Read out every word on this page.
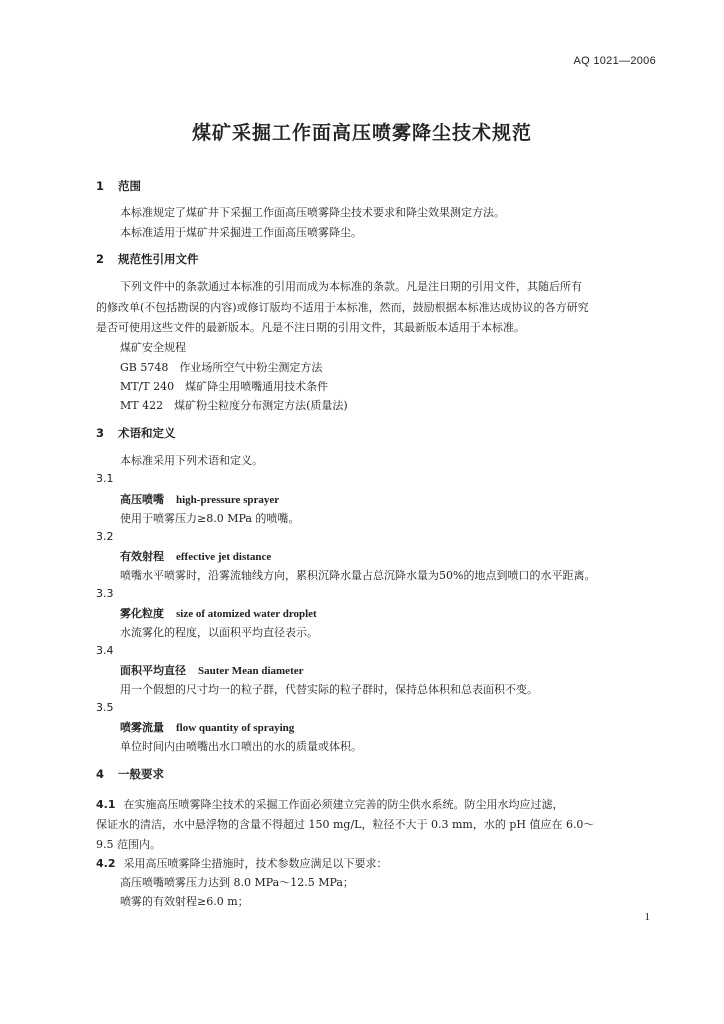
AQ 1021—2006
煤矿采掘工作面高压喷雾降尘技术规范
1 范围
本标准规定了煤矿井下采掘工作面高压喷雾降尘技术要求和降尘效果测定方法。
本标准适用于煤矿井采掘进工作面高压喷雾降尘。
2 规范性引用文件
下列文件中的条款通过本标准的引用而成为本标准的条款。凡是注日期的引用文件，其随后所有
的修改单(不包括勘误的内容)或修订版均不适用于本标准，然而，鼓励根据本标准达成协议的各方研究
是否可使用这些文件的最新版本。凡是不注日期的引用文件，其最新版本适用于本标准。
煤矿安全规程
GB 5748　作业场所空气中粉尘测定方法
MT/T 240　煤矿降尘用喷嘴通用技术条件
MT 422　煤矿粉尘粒度分布测定方法(质量法)
3 术语和定义
本标准采用下列术语和定义。
3.1
高压喷嘴 high-pressure sprayer
使用于喷雾压力≥8.0 MPa 的喷嘴。
3.2
有效射程 effective jet distance
喷嘴水平喷雾时，沿雾流轴线方向，累积沉降水量占总沉降水量为50%的地点到喷口的水平距离。
3.3
雾化粒度 size of atomized water droplet
水流雾化的程度，以面积平均直径表示。
3.4
面积平均直径 Sauter Mean diameter
用一个假想的尺寸均一的粒子群，代替实际的粒子群时，保持总体积和总表面积不变。
3.5
喷雾流量 flow quantity of spraying
单位时间内由喷嘴出水口喷出的水的质量或体积。
4 一般要求
4.1 在实施高压喷雾降尘技术的采掘工作面必须建立完善的防尘供水系统。防尘用水均应过滤，
保证水的清洁，水中悬浮物的含量不得超过 150 mg/L，粒径不大于 0.3 mm，水的 pH 值应在 6.0～
9.5 范围内。
4.2 采用高压喷雾降尘措施时，技术参数应满足以下要求：
高压喷嘴喷雾压力达到 8.0 MPa～12.5 MPa；
喷雾的有效射程≥6.0 m；
1
